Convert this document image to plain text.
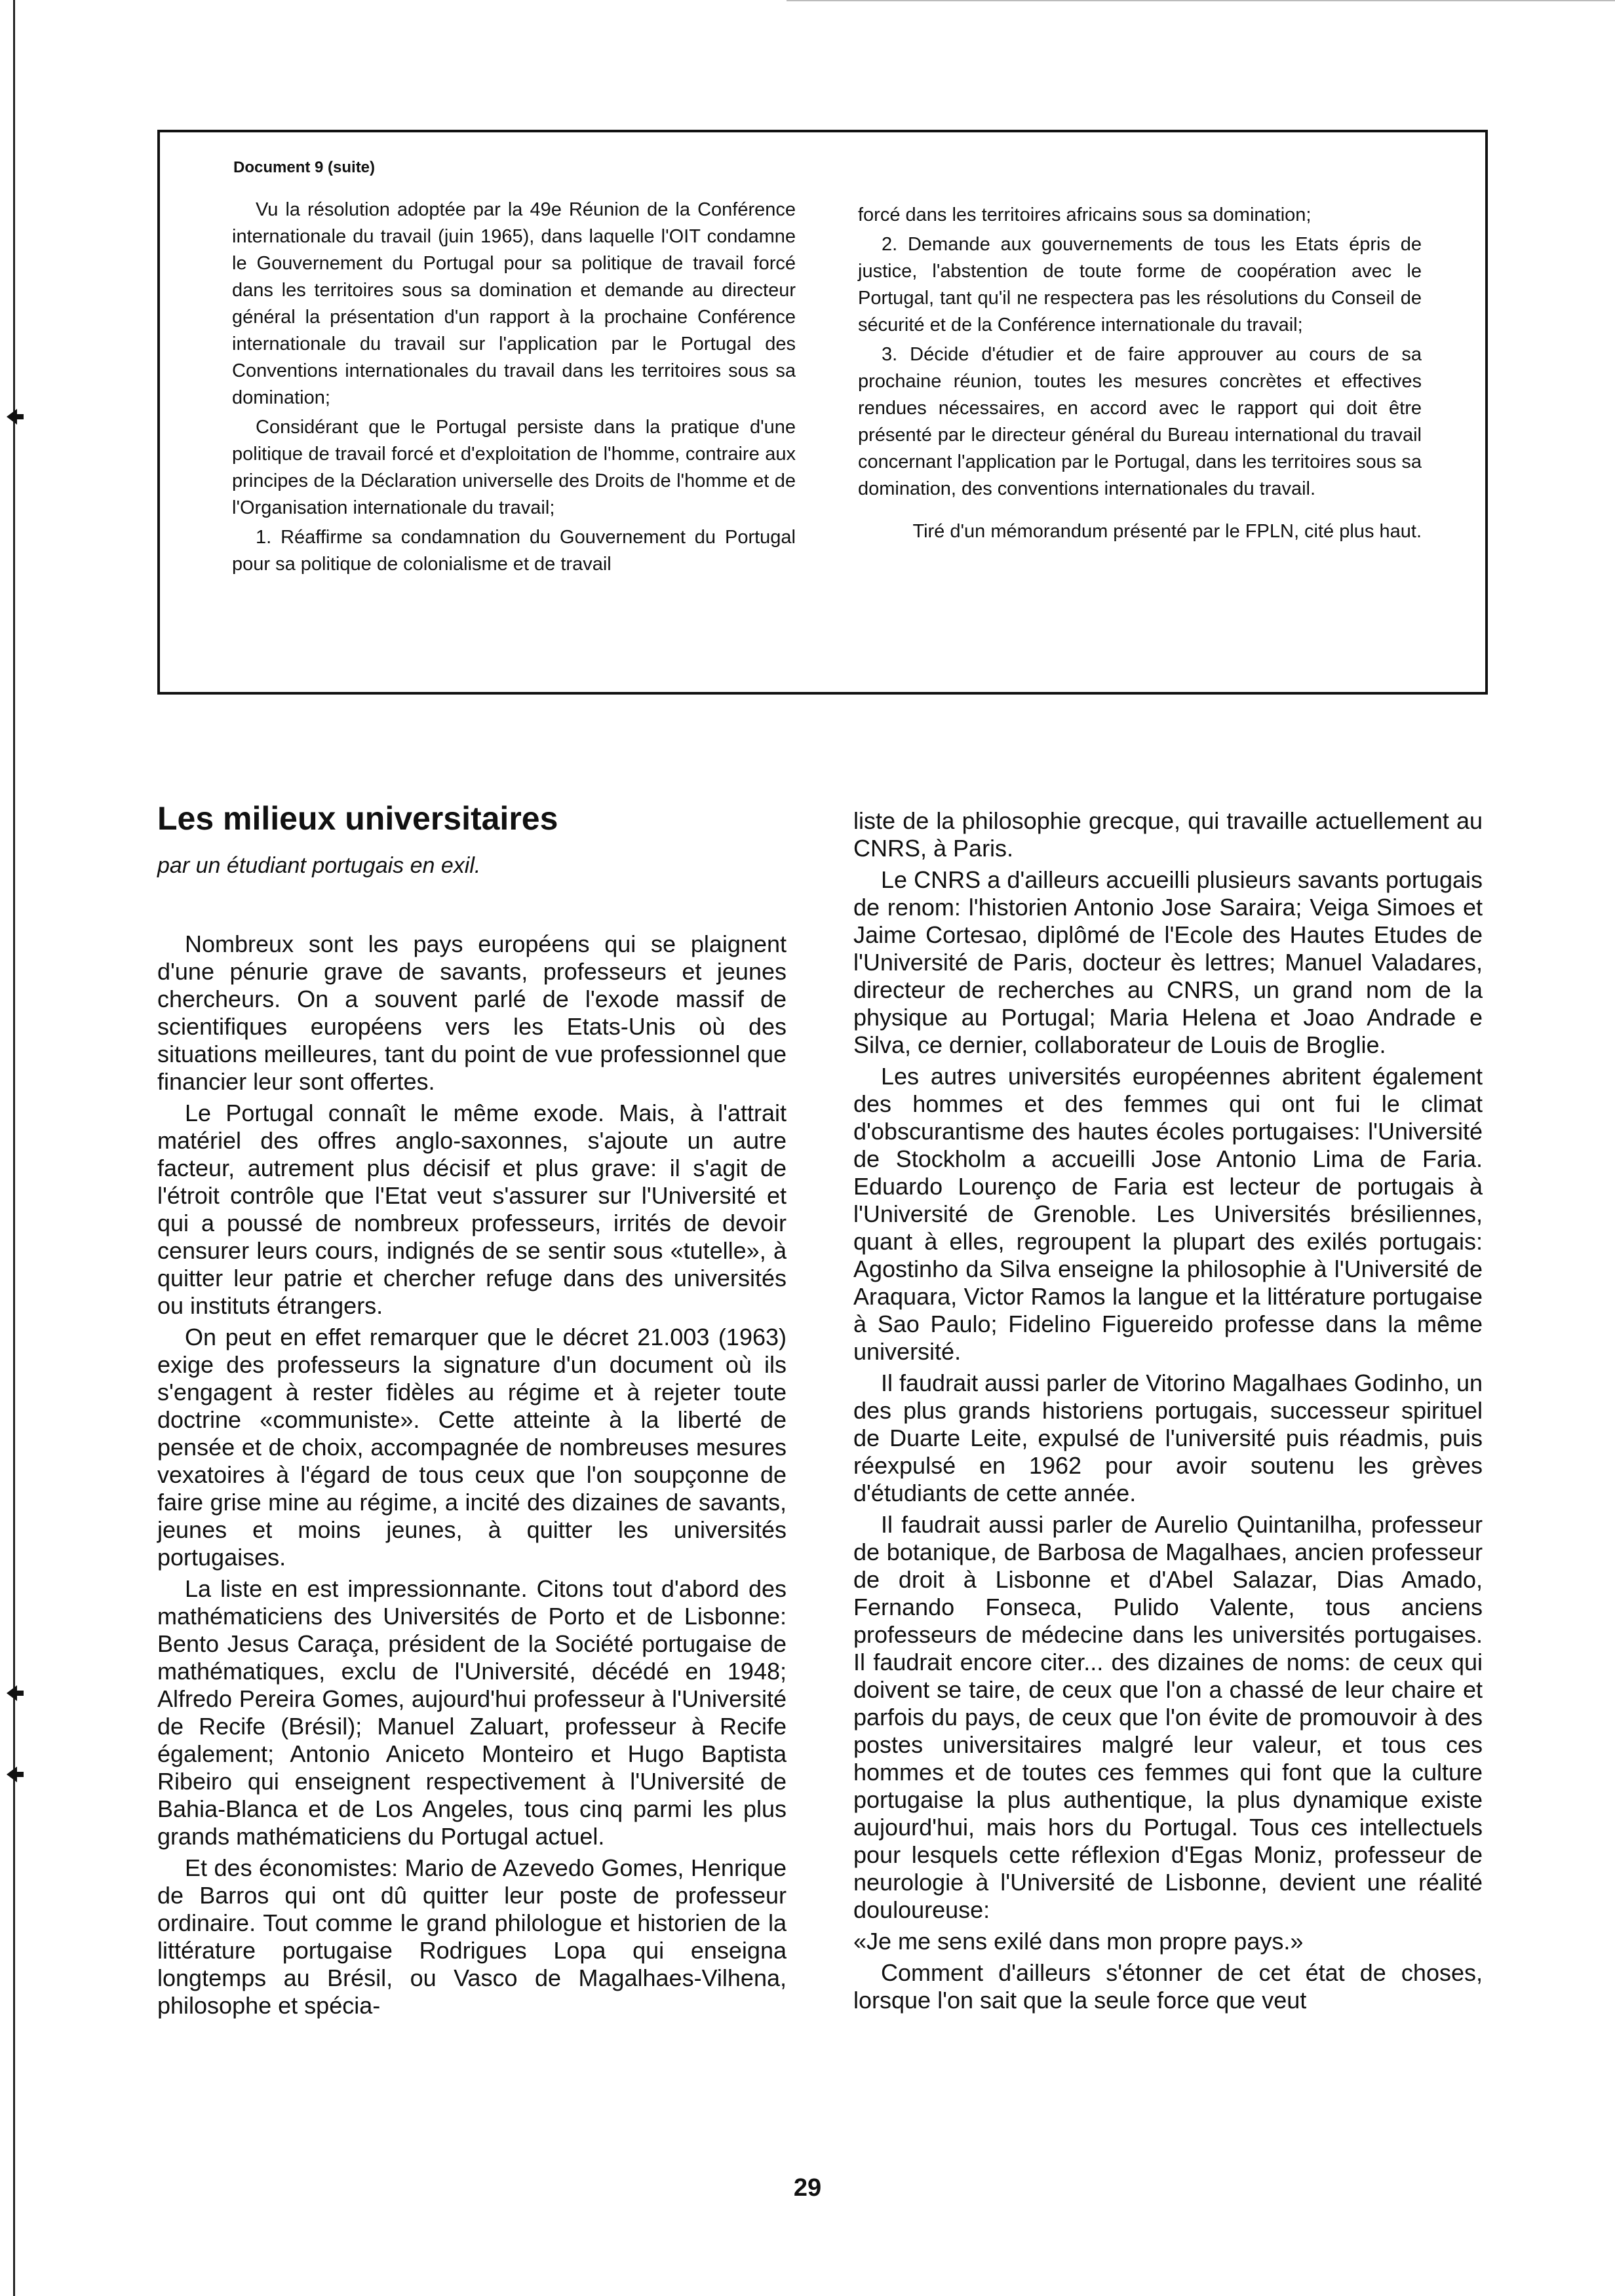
Document 9 (suite)

Vu la résolution adoptée par la 49e Réunion de la Conférence internationale du travail (juin 1965), dans laquelle l'OIT condamne le Gouvernement du Portugal pour sa politique de travail forcé dans les territoires sous sa domination et demande au directeur général la présentation d'un rapport à la prochaine Conférence internationale du travail sur l'application par le Portugal des Conventions internationales du travail dans les territoires sous sa domination;

Considérant que le Portugal persiste dans la pratique d'une politique de travail forcé et d'exploitation de l'homme, contraire aux principes de la Déclaration universelle des Droits de l'homme et de l'Organisation internationale du travail;

1. Réaffirme sa condamnation du Gouvernement du Portugal pour sa politique de colonialisme et de travail

forcé dans les territoires africains sous sa domination;

2. Demande aux gouvernements de tous les Etats épris de justice, l'abstention de toute forme de coopération avec le Portugal, tant qu'il ne respectera pas les résolutions du Conseil de sécurité et de la Conférence internationale du travail;

3. Décide d'étudier et de faire approuver au cours de sa prochaine réunion, toutes les mesures concrètes et effectives rendues nécessaires, en accord avec le rapport qui doit être présenté par le directeur général du Bureau international du travail concernant l'application par le Portugal, dans les territoires sous sa domination, des conventions internationales du travail.

Tiré d'un mémorandum présenté par le FPLN, cité plus haut.

Les milieux universitaires
par un étudiant portugais en exil.

Nombreux sont les pays européens qui se plaignent d'une pénurie grave de savants, professeurs et jeunes chercheurs. On a souvent parlé de l'exode massif de scientifiques européens vers les Etats-Unis où des situations meilleures, tant du point de vue professionnel que financier leur sont offertes.

Le Portugal connaît le même exode. Mais, à l'attrait matériel des offres anglo-saxonnes, s'ajoute un autre facteur, autrement plus décisif et plus grave: il s'agit de l'étroit contrôle que l'Etat veut s'assurer sur l'Université et qui a poussé de nombreux professeurs, irrités de devoir censurer leurs cours, indignés de se sentir sous «tutelle», à quitter leur patrie et chercher refuge dans des universités ou instituts étrangers.

On peut en effet remarquer que le décret 21.003 (1963) exige des professeurs la signature d'un document où ils s'engagent à rester fidèles au régime et à rejeter toute doctrine «communiste». Cette atteinte à la liberté de pensée et de choix, accompagnée de nombreuses mesures vexatoires à l'égard de tous ceux que l'on soupçonne de faire grise mine au régime, a incité des dizaines de savants, jeunes et moins jeunes, à quitter les universités portugaises.

La liste en est impressionnante. Citons tout d'abord des mathématiciens des Universités de Porto et de Lisbonne: Bento Jesus Caraça, président de la Société portugaise de mathématiques, exclu de l'Université, décédé en 1948; Alfredo Pereira Gomes, aujourd'hui professeur à l'Université de Recife (Brésil); Manuel Zaluart, professeur à Recife également; Antonio Aniceto Monteiro et Hugo Baptista Ribeiro qui enseignent respectivement à l'Université de Bahia-Blanca et de Los Angeles, tous cinq parmi les plus grands mathématiciens du Portugal actuel.

Et des économistes: Mario de Azevedo Gomes, Henrique de Barros qui ont dû quitter leur poste de professeur ordinaire. Tout comme le grand philologue et historien de la littérature portugaise Rodrigues Lopa qui enseigna longtemps au Brésil, ou Vasco de Magalhaes-Vilhena, philosophe et spécia-

liste de la philosophie grecque, qui travaille actuellement au CNRS, à Paris.

Le CNRS a d'ailleurs accueilli plusieurs savants portugais de renom: l'historien Antonio Jose Saraira; Veiga Simoes et Jaime Cortesao, diplômé de l'Ecole des Hautes Etudes de l'Université de Paris, docteur ès lettres; Manuel Valadares, directeur de recherches au CNRS, un grand nom de la physique au Portugal; Maria Helena et Joao Andrade e Silva, ce dernier, collaborateur de Louis de Broglie.

Les autres universités européennes abritent également des hommes et des femmes qui ont fui le climat d'obscurantisme des hautes écoles portugaises: l'Université de Stockholm a accueilli Jose Antonio Lima de Faria. Eduardo Lourenço de Faria est lecteur de portugais à l'Université de Grenoble. Les Universités brésiliennes, quant à elles, regroupent la plupart des exilés portugais: Agostinho da Silva enseigne la philosophie à l'Université de Araquara, Victor Ramos la langue et la littérature portugaise à Sao Paulo; Fidelino Figuereido professe dans la même université.

Il faudrait aussi parler de Vitorino Magalhaes Godinho, un des plus grands historiens portugais, successeur spirituel de Duarte Leite, expulsé de l'université puis réadmis, puis réexpulsé en 1962 pour avoir soutenu les grèves d'étudiants de cette année.

Il faudrait aussi parler de Aurelio Quintanilha, professeur de botanique, de Barbosa de Magalhaes, ancien professeur de droit à Lisbonne et d'Abel Salazar, Dias Amado, Fernando Fonseca, Pulido Valente, tous anciens professeurs de médecine dans les universités portugaises. Il faudrait encore citer... des dizaines de noms: de ceux qui doivent se taire, de ceux que l'on a chassé de leur chaire et parfois du pays, de ceux que l'on évite de promouvoir à des postes universitaires malgré leur valeur, et tous ces hommes et de toutes ces femmes qui font que la culture portugaise la plus authentique, la plus dynamique existe aujourd'hui, mais hors du Portugal. Tous ces intellectuels pour lesquels cette réflexion d'Egas Moniz, professeur de neurologie à l'Université de Lisbonne, devient une réalité douloureuse:

«Je me sens exilé dans mon propre pays.»

Comment d'ailleurs s'étonner de cet état de choses, lorsque l'on sait que la seule force que veut

29
